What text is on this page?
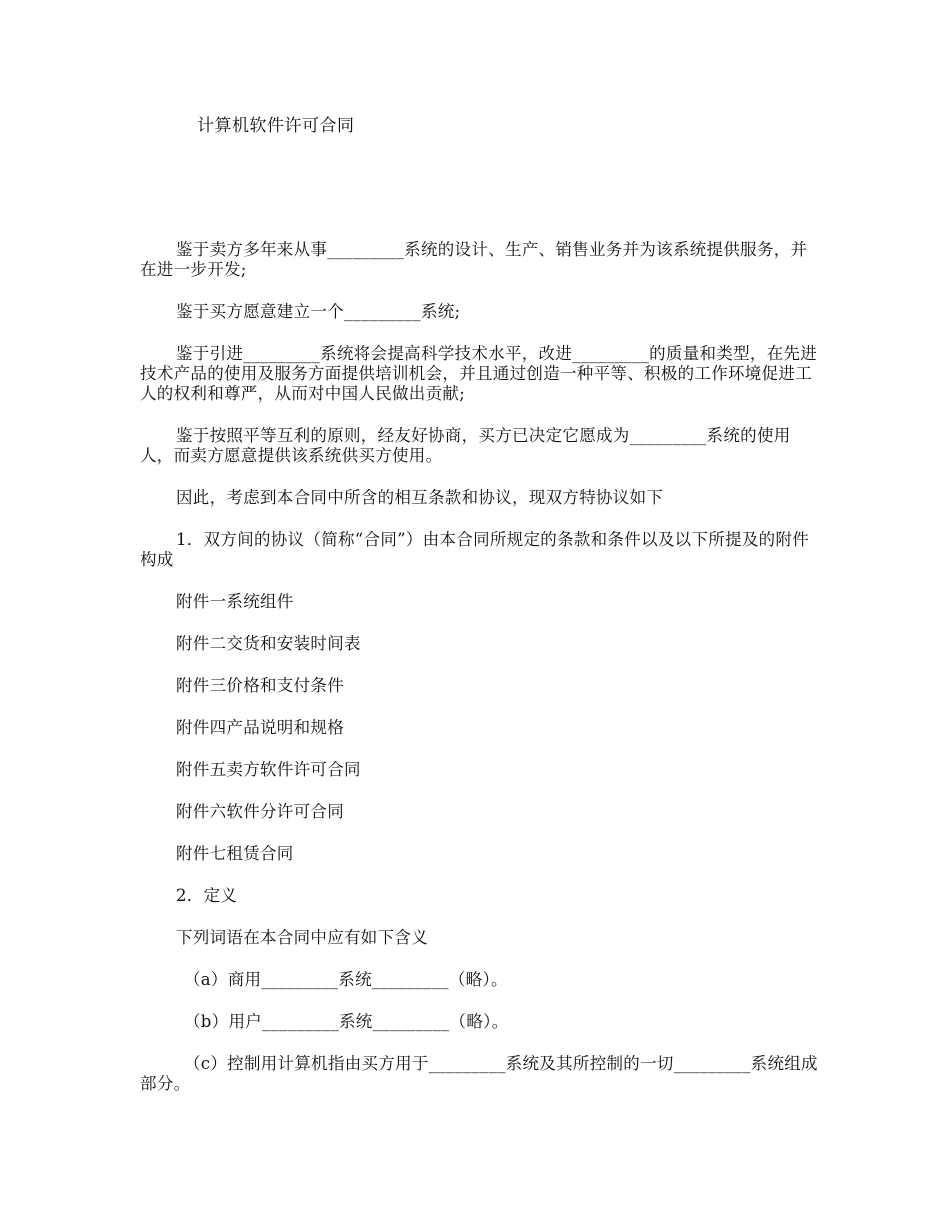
计算机软件许可合同

鉴于卖方多年来从事_________系统的设计、生产、销售业务并为该系统提供服务，并在进一步开发;

鉴于买方愿意建立一个_________系统;

鉴于引进_________系统将会提高科学技术水平，改进_________的质量和类型，在先进技术产品的使用及服务方面提供培训机会，并且通过创造一种平等、积极的工作环境促进工人的权利和尊严，从而对中国人民做出贡献;

鉴于按照平等互利的原则，经友好协商，买方已决定它愿成为_________系统的使用人，而卖方愿意提供该系统供买方使用。

因此，考虑到本合同中所含的相互条款和协议，现双方特协议如下

1．双方间的协议（简称“合同”）由本合同所规定的条款和条件以及以下所提及的附件构成

附件一系统组件

附件二交货和安装时间表

附件三价格和支付条件

附件四产品说明和规格

附件五卖方软件许可合同

附件六软件分许可合同

附件七租赁合同

2．定义

下列词语在本合同中应有如下含义

（a）商用_________系统_________（略）。

（b）用户_________系统_________（略）。

（c）控制用计算机指由买方用于_________系统及其所控制的一切_________系统组成部分。
